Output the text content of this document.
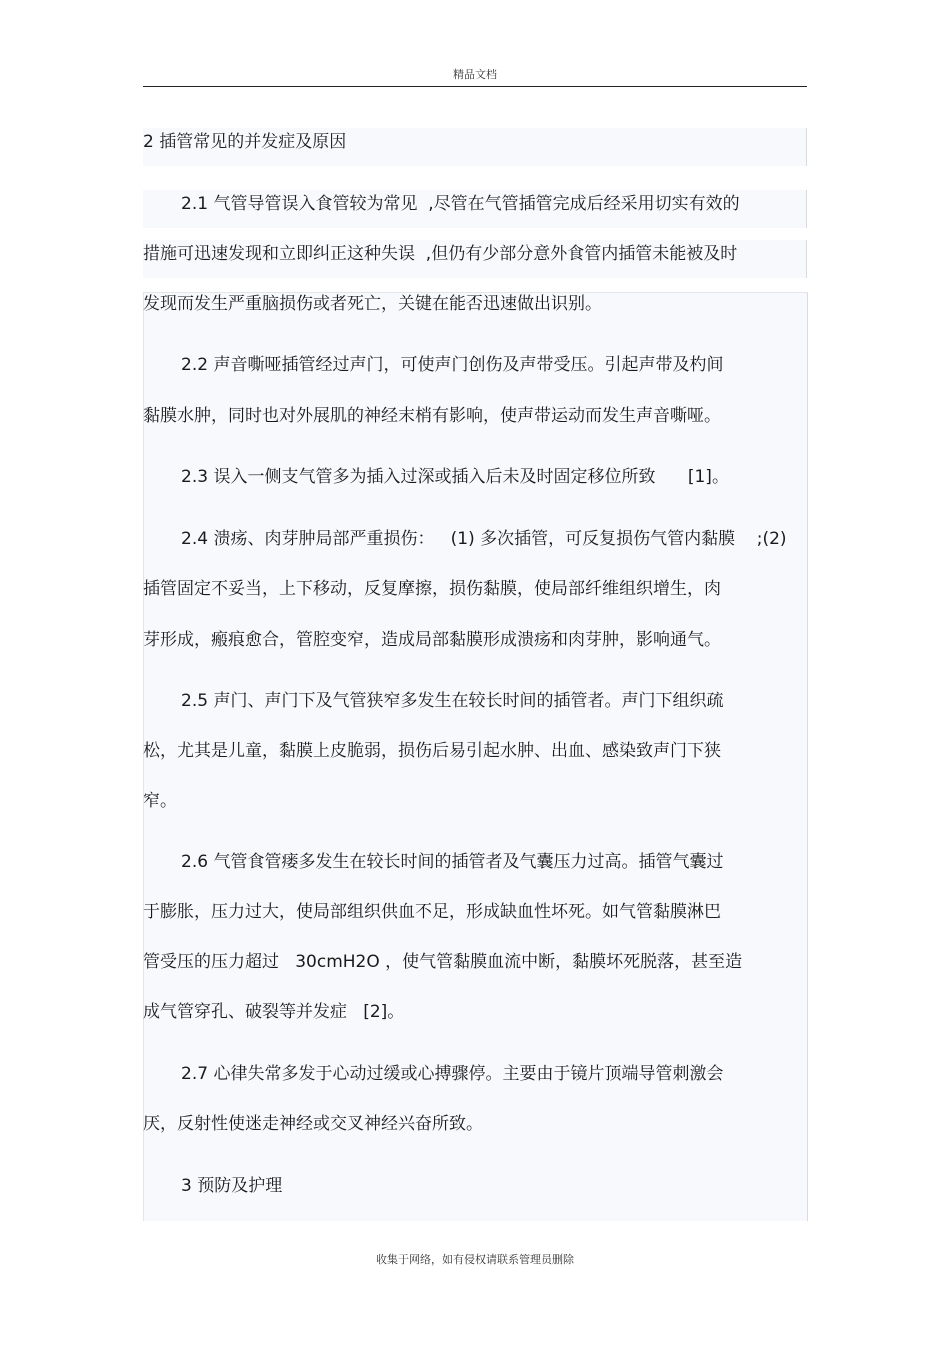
精品文档
2 插管常见的并发症及原因
2.1 气管导管误入食管较为常见  ,尽管在气管插管完成后经采用切实有效的
措施可迅速发现和立即纠正这种失误  ,但仍有少部分意外食管内插管未能被及时
发现而发生严重脑损伤或者死亡，关键在能否迅速做出识别。
2.2 声音嘶哑插管经过声门，可使声门创伤及声带受压。引起声带及杓间
黏膜水肿，同时也对外展肌的神经末梢有影响，使声带运动而发生声音嘶哑。
2.3 误入一侧支气管多为插入过深或插入后未及时固定移位所致      [1]。
2.4 溃疡、肉芽肿局部严重损伤：   (1) 多次插管，可反复损伤气管内黏膜    ;(2)
插管固定不妥当，上下移动，反复摩擦，损伤黏膜，使局部纤维组织增生，肉
芽形成，瘢痕愈合，管腔变窄，造成局部黏膜形成溃疡和肉芽肿，影响通气。
2.5 声门、声门下及气管狭窄多发生在较长时间的插管者。声门下组织疏
松，尤其是儿童，黏膜上皮脆弱，损伤后易引起水肿、出血、感染致声门下狭
窄。
2.6 气管食管瘘多发生在较长时间的插管者及气囊压力过高。插管气囊过
于膨胀，压力过大，使局部组织供血不足，形成缺血性坏死。如气管黏膜淋巴
管受压的压力超过   30cmH2O ，使气管黏膜血流中断，黏膜坏死脱落，甚至造
成气管穿孔、破裂等并发症   [2]。
2.7 心律失常多发于心动过缓或心搏骤停。主要由于镜片顶端导管刺激会
厌，反射性使迷走神经或交叉神经兴奋所致。
3 预防及护理
收集于网络，如有侵权请联系管理员删除
